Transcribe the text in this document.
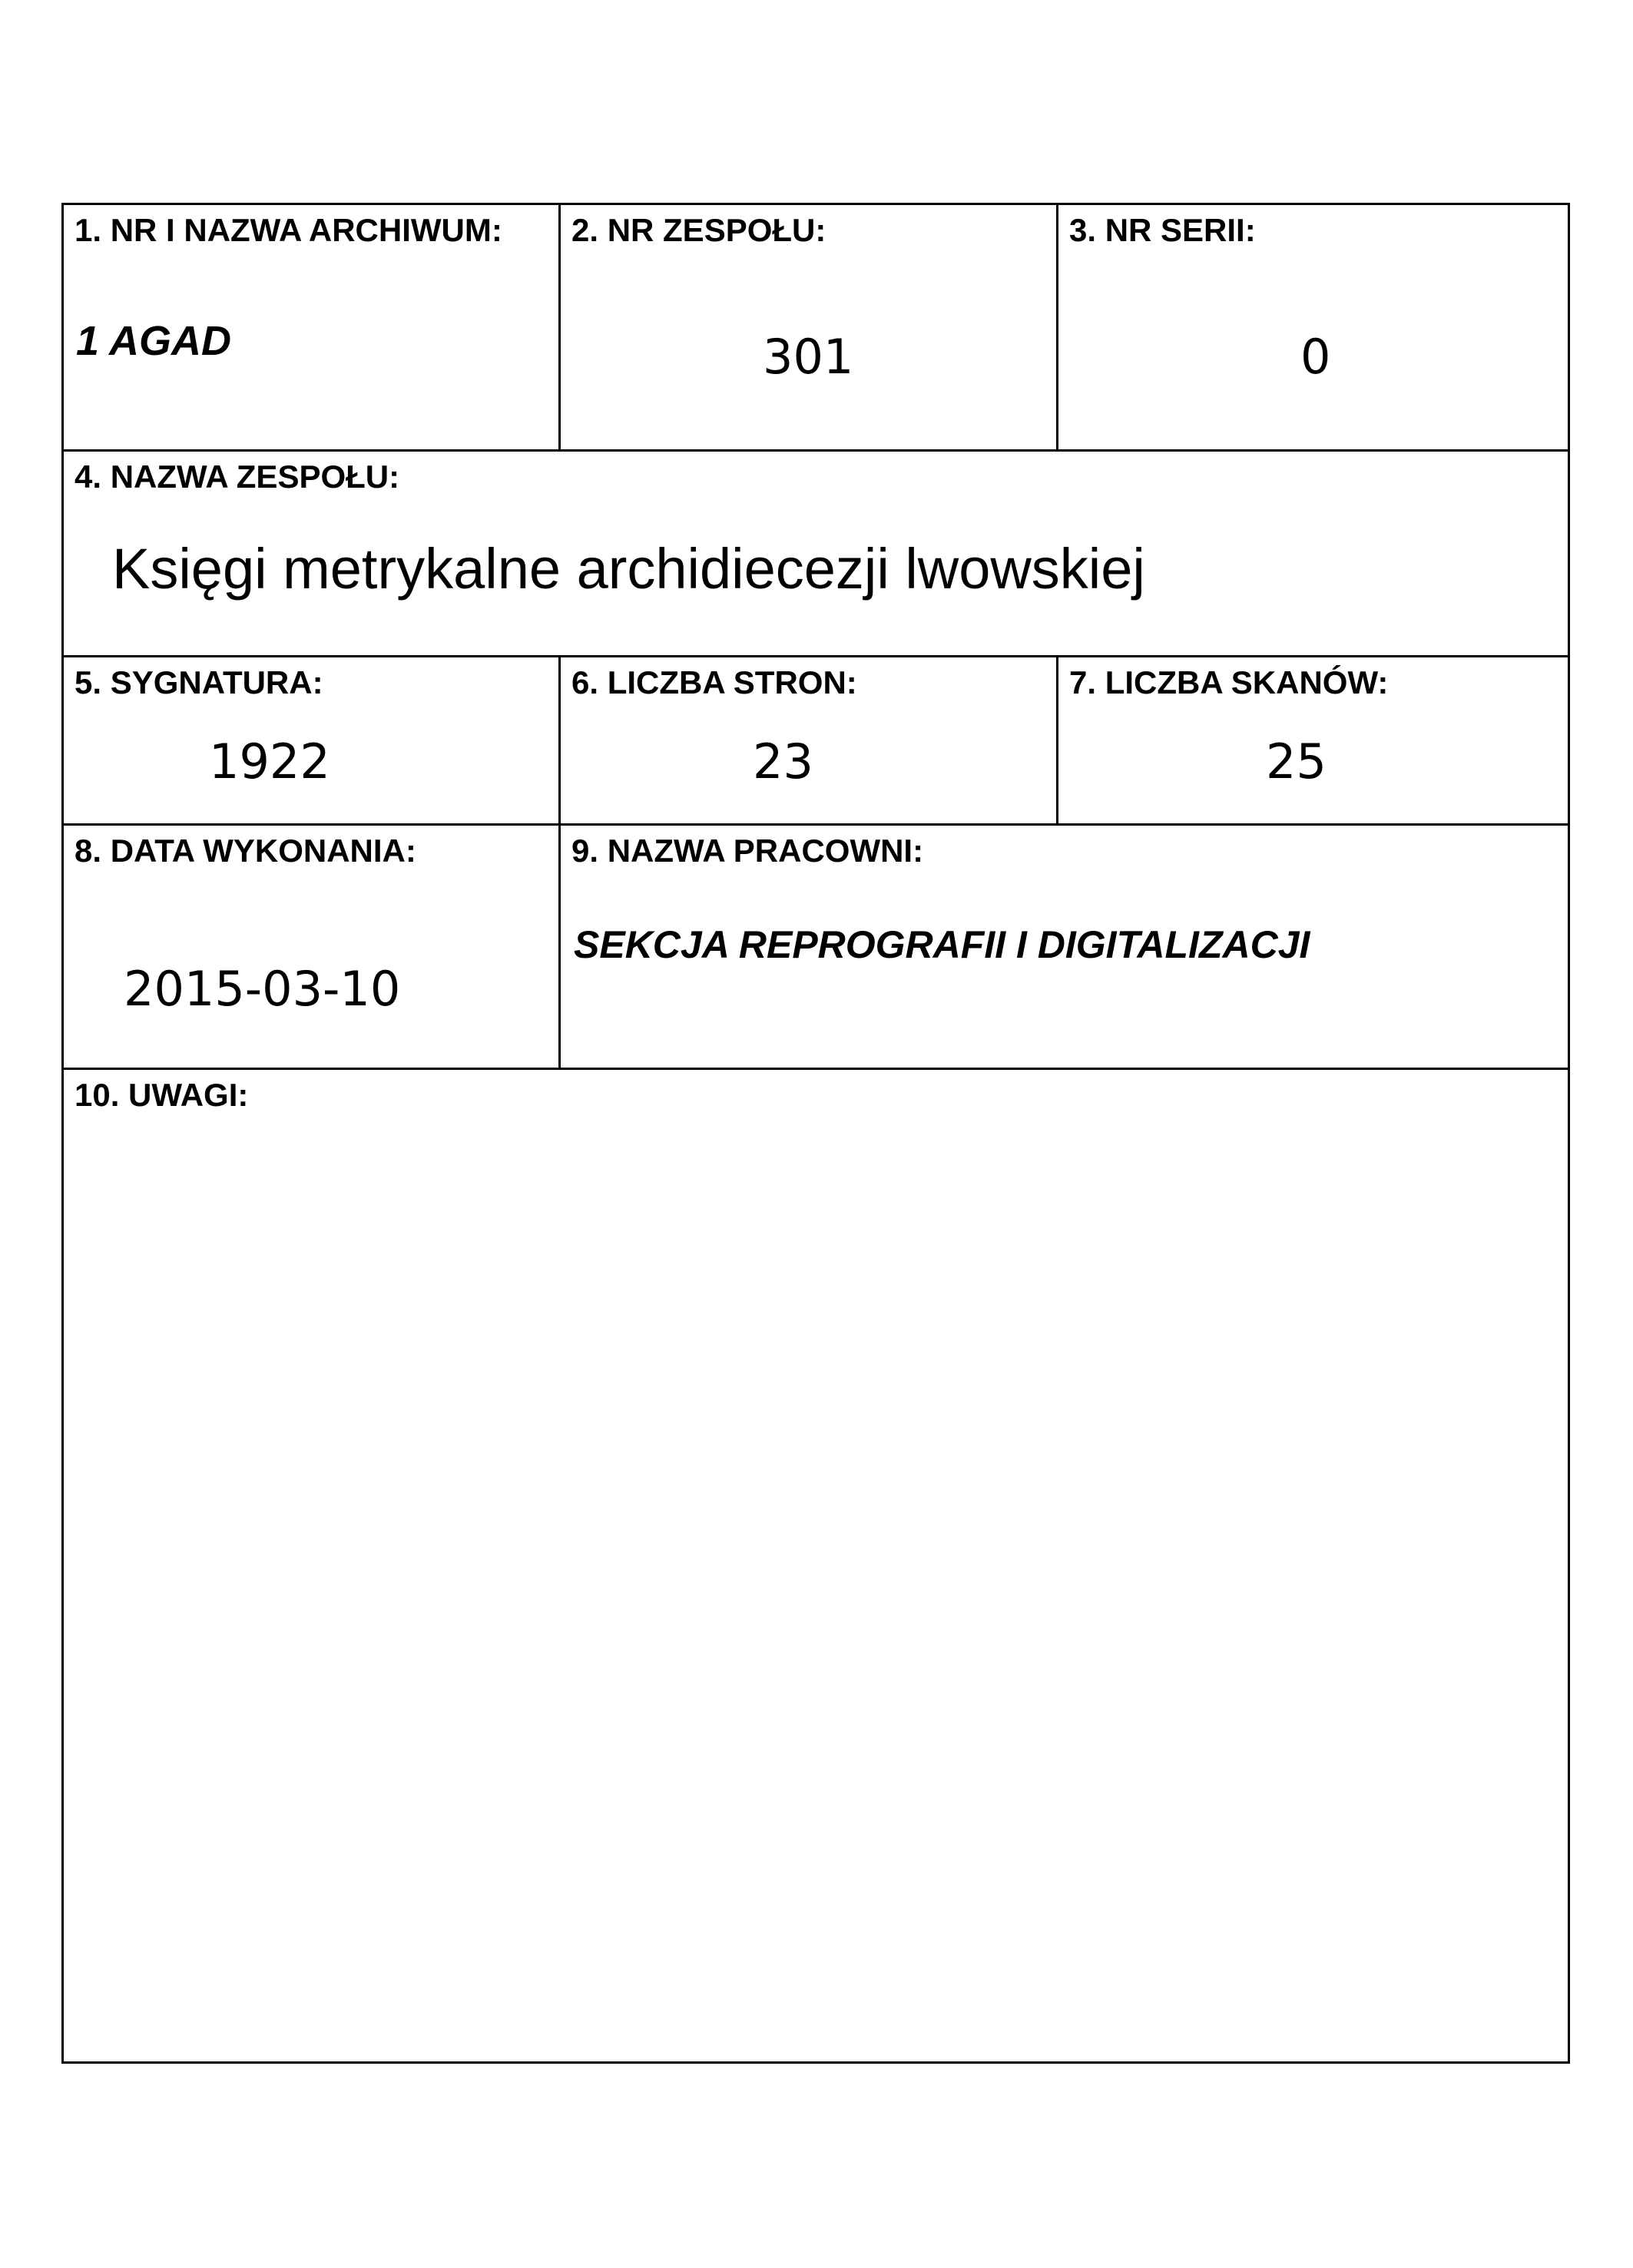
1. NR I NAZWA ARCHIWUM:
1 AGAD
2. NR ZESPOŁU:
301
3. NR SERII:
0
4. NAZWA ZESPOŁU:
Księgi metrykalne archidiecezji lwowskiej
5. SYGNATURA:
1922
6. LICZBA STRON:
23
7. LICZBA SKANÓW:
25
8. DATA WYKONANIA:
2015-03-10
9. NAZWA PRACOWNI:
SEKCJA REPROGRAFII I DIGITALIZACJI
10. UWAGI:
